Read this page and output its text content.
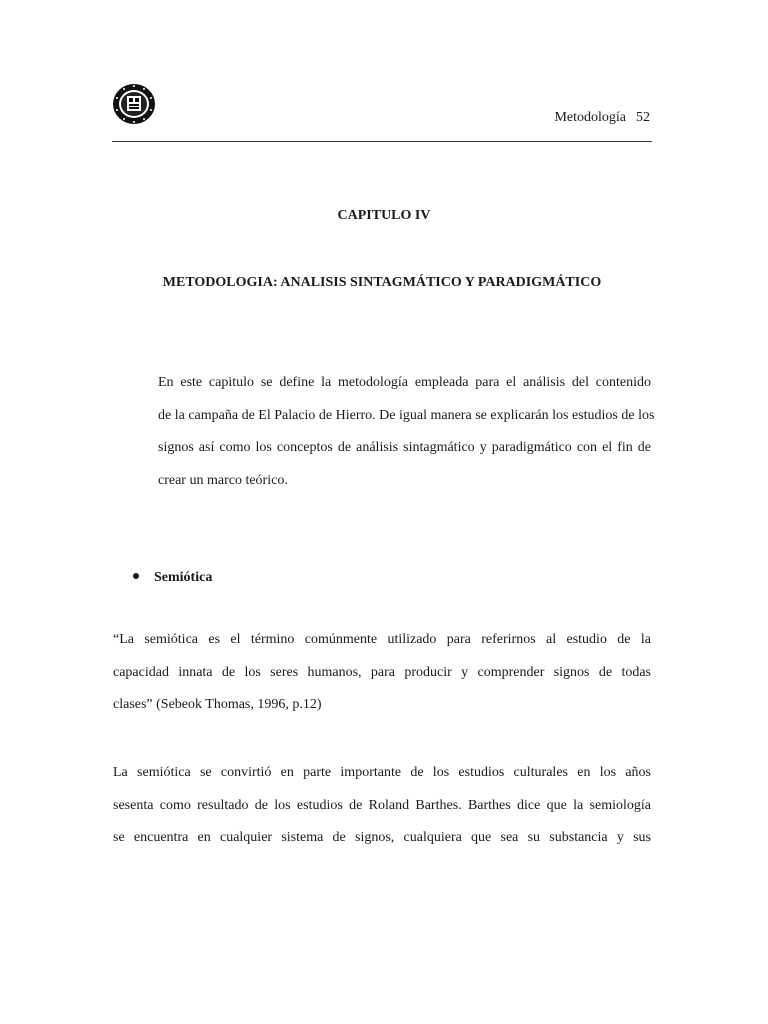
Metodología 52
CAPITULO IV
METODOLOGIA: ANALISIS SINTAGMÁTICO Y PARADIGMÁTICO
En este capitulo se define la metodología empleada para el análisis del contenido
de la campaña de El Palacio de Hierro. De igual manera se explicarán los estudios de los
signos así como los conceptos de análisis sintagmático y paradigmático con el fin de
crear un marco teórico.
Semiótica
“La semiótica es el término comúnmente utilizado para referirnos al estudio de la
capacidad innata de los seres humanos, para producir y comprender signos de todas
clases” (Sebeok Thomas, 1996, p.12)
La semiótica se convirtió en parte importante de los estudios culturales en los años
sesenta como resultado de los estudios de Roland Barthes. Barthes dice que la semiología
se encuentra en cualquier sistema de signos, cualquiera que sea su substancia y sus
